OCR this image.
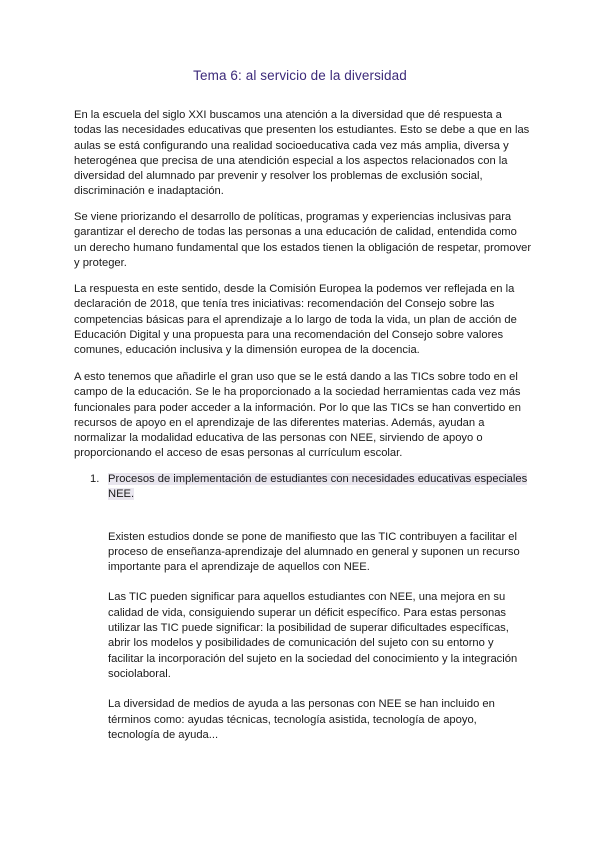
Tema 6: al servicio de la diversidad

En la escuela del siglo XXI buscamos una atención a la diversidad que dé respuesta a todas las necesidades educativas que presenten los estudiantes. Esto se debe a que en las aulas se está configurando una realidad socioeducativa cada vez más amplia, diversa y heterogénea que precisa de una atendición especial a los aspectos relacionados con la diversidad del alumnado par prevenir y resolver los problemas de exclusión social, discriminación e inadaptación.

Se viene priorizando el desarrollo de políticas, programas y experiencias inclusivas para garantizar el derecho de todas las personas a una educación de calidad, entendida como un derecho humano fundamental que los estados tienen la obligación de respetar, promover y proteger.

La respuesta en este sentido, desde la Comisión Europea la podemos ver reflejada en la declaración de 2018, que tenía tres iniciativas: recomendación del Consejo sobre las competencias básicas para el aprendizaje a lo largo de toda la vida, un plan de acción de Educación Digital y una propuesta para una recomendación del Consejo sobre valores comunes, educación inclusiva y la dimensión europea de la docencia.

A esto tenemos que añadirle el gran uso que se le está dando a las TICs sobre todo en el campo de la educación. Se le ha proporcionado a la sociedad herramientas cada vez más funcionales para poder acceder a la información. Por lo que las TICs se han convertido en recursos de apoyo en el aprendizaje de las diferentes materias. Además, ayudan a normalizar la modalidad educativa de las personas con NEE, sirviendo de apoyo o proporcionando el acceso de esas personas al currículum escolar.

1. Procesos de implementación de estudiantes con necesidades educativas especiales NEE.
Existen estudios donde se pone de manifiesto que las TIC contribuyen a facilitar el proceso de enseñanza-aprendizaje del alumnado en general y suponen un recurso importante para el aprendizaje de aquellos con NEE.
Las TIC pueden significar para aquellos estudiantes con NEE, una mejora en su calidad de vida, consiguiendo superar un déficit específico. Para estas personas utilizar las TIC puede significar: la posibilidad de superar dificultades específicas, abrir los modelos y posibilidades de comunicación del sujeto con su entorno y facilitar la incorporación del sujeto en la sociedad del conocimiento y la integración sociolaboral.
La diversidad de medios de ayuda a las personas con NEE se han incluido en términos como: ayudas técnicas, tecnología asistida, tecnología de apoyo, tecnología de ayuda...
